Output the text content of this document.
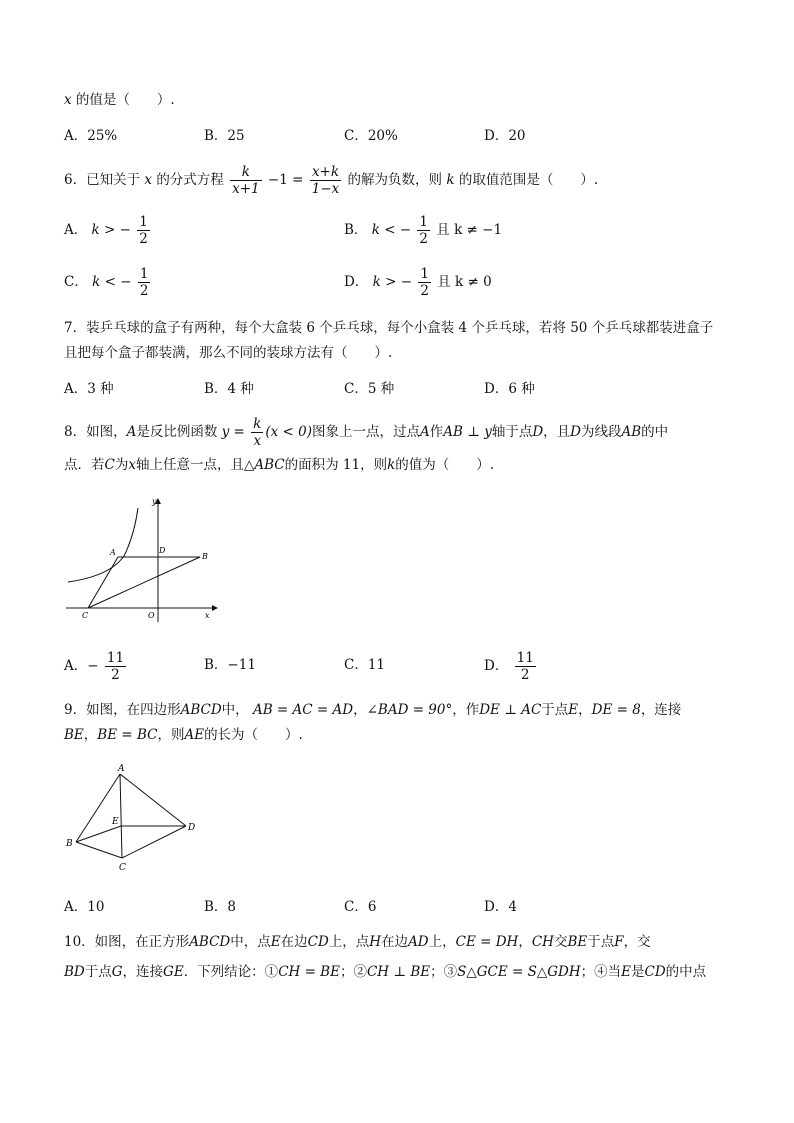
x 的值是（　　）.
A．25%	B．25	C．20%	D．20
6．已知关于 x 的分式方程 $\frac{k}{x+1} -1 = \frac{x+k}{1-x}$ 的解为负数，则 k 的取值范围是（　　）.
A． k > − $\frac{1}{2}$	B． k < − $\frac{1}{2}$ 且 k ≠ −1
C． k < − $\frac{1}{2}$	D． k > − $\frac{1}{2}$ 且 k ≠ 0
7．装乒乓球的盒子有两种，每个大盒装 6 个乒乓球，每个小盒装 4 个乒乓球，若将 50 个乒乓球都装进盒子
且把每个盒子都装满，那么不同的装球方法有（　　）.
A．3 种	B．4 种	C．5 种	D．6 种
8．如图，A是反比例函数 $y = \frac{k}{x} (x < 0)$图象上一点，过点A作AB ⊥ y轴于点D，且D为线段AB的中
点．若C为x轴上任意一点，且△ABC的面积为 11，则k的值为（　　）.
y
x
O
A	B
C
D
A．− $\frac{11}{2}$	B．−11	C．11	D． $\frac{11}{2}$
9．如图，在四边形ABCD中， AB = AC = AD，∠BAD = 90°，作DE ⊥ AC于点E，DE = 8，连接
BE，BE = BC，则AE的长为（　　）.
A
B
C
D
E
A．10	B．8	C．6	D．4
10．如图，在正方形ABCD中，点E在边CD上，点H在边AD上，CE = DH，CH交BE于点F，交
BD于点G，连接GE．下列结论：①CH = BE；②CH ⊥ BE；③S△GCE = S△GDH；④当E是CD的中点
